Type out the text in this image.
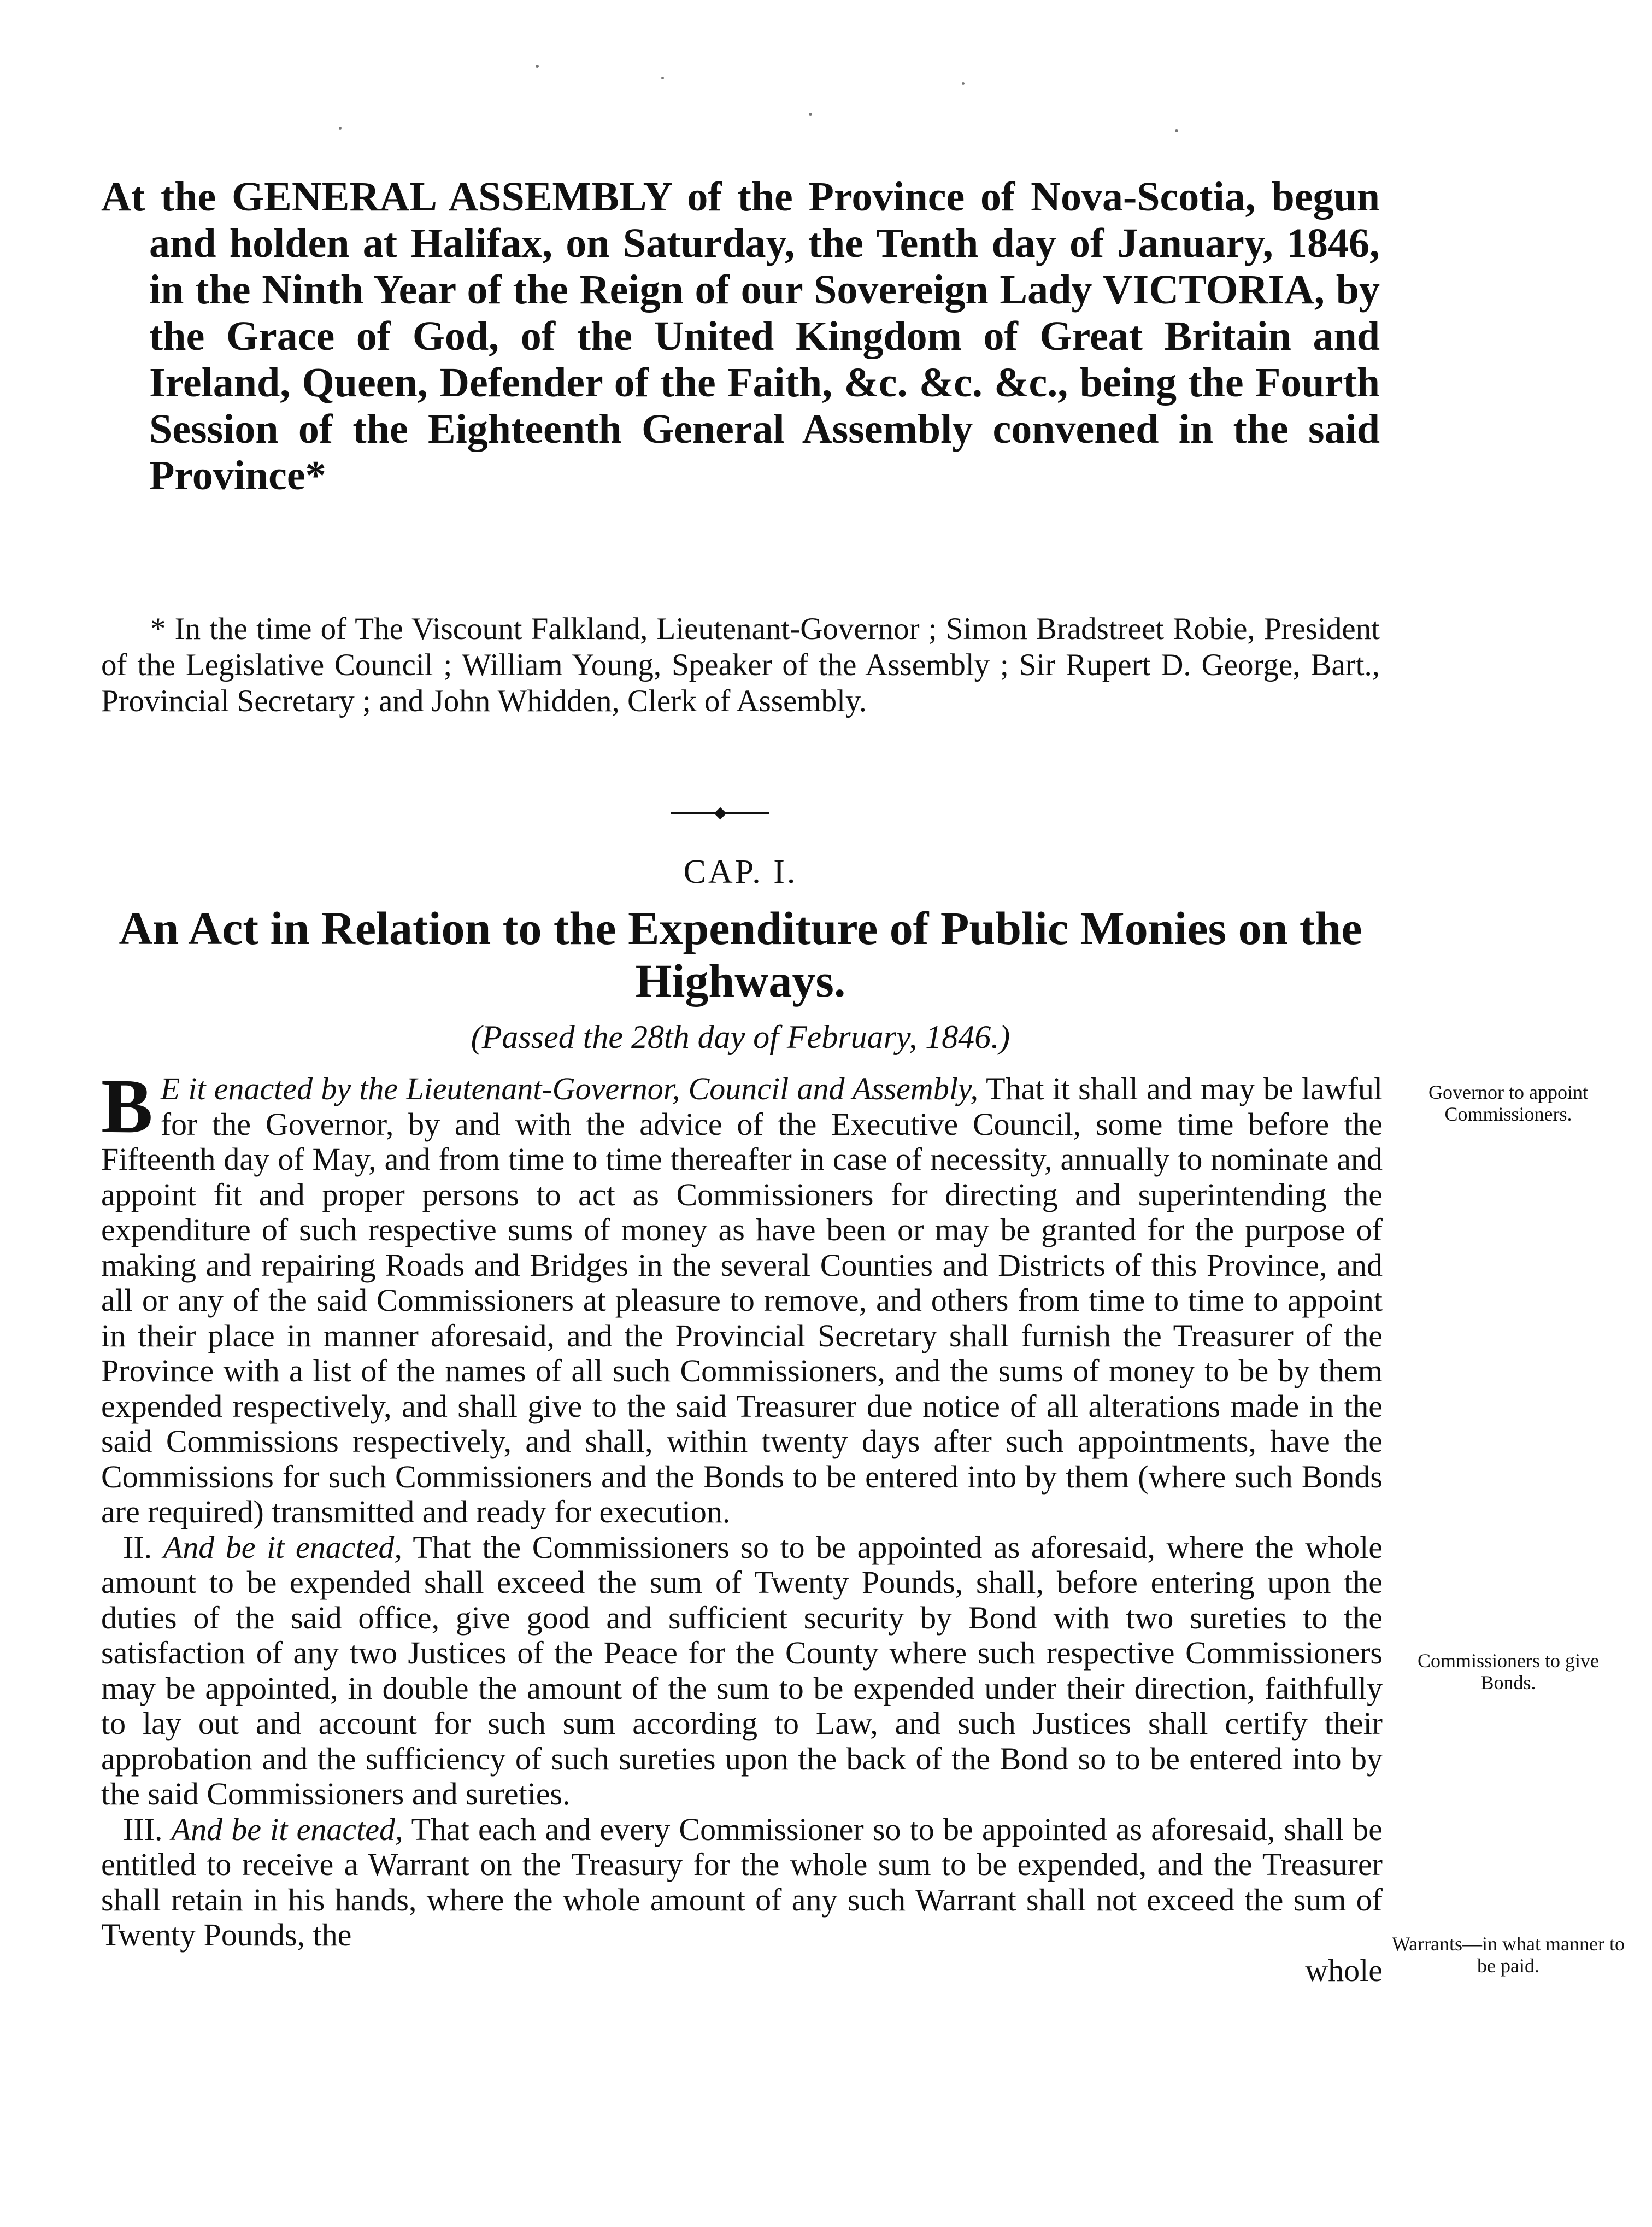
At the GENERAL ASSEMBLY of the Province of Nova-Scotia, begun and holden at Halifax, on Saturday, the Tenth day of January, 1846, in the Ninth Year of the Reign of our Sovereign Lady VICTORIA, by the Grace of God, of the United Kingdom of Great Britain and Ireland, Queen, Defender of the Faith, &c. &c. &c., being the Fourth Session of the Eighteenth General Assembly convened in the said Province*
* In the time of The Viscount Falkland, Lieutenant-Governor ; Simon Bradstreet Robie, President of the Legislative Council ; William Young, Speaker of the Assembly ; Sir Rupert D. George, Bart., Provincial Secretary ; and John Whidden, Clerk of Assembly.
CAP. I.
An Act in Relation to the Expenditure of Public Monies on the Highways.
(Passed the 28th day of February, 1846.)

B E it enacted by the Lieutenant-Governor, Council and Assembly, That it shall and may be lawful for the Governor, by and with the advice of the Executive Council, some time before the Fifteenth day of May, and from time to time thereafter in case of necessity, annually to nominate and appoint fit and proper persons to act as Commissioners for directing and superintending the expenditure of such respective sums of money as have been or may be granted for the purpose of making and repairing Roads and Bridges in the several Counties and Districts of this Province, and all or any of the said Commissioners at pleasure to remove, and others from time to time to appoint in their place in manner aforesaid, and the Provincial Secretary shall furnish the Treasurer of the Province with a list of the names of all such Commissioners, and the sums of money to be by them expended respectively, and shall give to the said Treasurer due notice of all alterations made in the said Commissions respectively, and shall, within twenty days after such appointments, have the Commissions for such Commissioners and the Bonds to be entered into by them (where such Bonds are required) transmitted and ready for execution.

II. And be it enacted, That the Commissioners so to be appointed as aforesaid, where the whole amount to be expended shall exceed the sum of Twenty Pounds, shall, before entering upon the duties of the said office, give good and sufficient security by Bond with two sureties to the satisfaction of any two Justices of the Peace for the County where such respective Commissioners may be appointed, in double the amount of the sum to be expended under their direction, faithfully to lay out and account for such sum according to Law, and such Justices shall certify their approbation and the sufficiency of such sureties upon the back of the Bond so to be entered into by the said Commissioners and sureties.

III. And be it enacted, That each and every Commissioner so to be appointed as aforesaid, shall be entitled to receive a Warrant on the Treasury for the whole sum to be expended, and the Treasurer shall retain in his hands, where the whole amount of any such Warrant shall not exceed the sum of Twenty Pounds, the

whole
Governor to appoint Commissioners.
Commissioners to give Bonds.
Warrants—in what manner to be paid.
